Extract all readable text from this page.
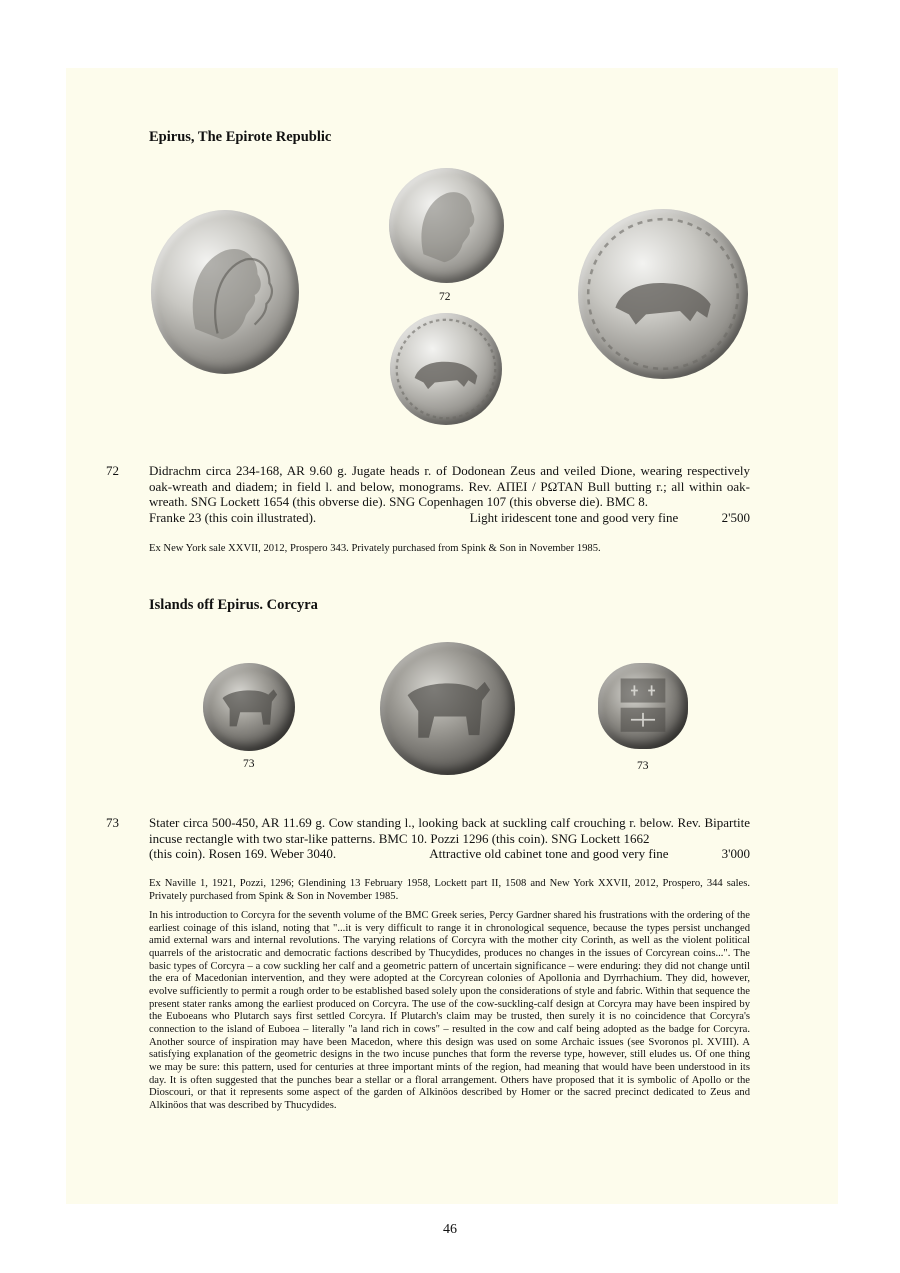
Epirus, The Epirote Republic
72
72 Didrachm circa 234-168, AR 9.60 g. Jugate heads r. of Dodonean Zeus and veiled Dione, wearing respectively oak-wreath and diadem; in field l. and below, monograms. Rev. ΑΠΕΙ / ΡΩΤΑΝ Bull butting r.; all within oak-wreath. SNG Lockett 1654 (this obverse die). SNG Copenhagen 107 (this obverse die). BMC 8.

Franke 23 (this coin illustrated).	Light iridescent tone and good very fine	2'500
Ex New York sale XXVII, 2012, Prospero 343. Privately purchased from Spink & Son in November 1985.
Islands off Epirus. Corcyra
73	73
73 Stater circa 500-450, AR 11.69 g. Cow standing l., looking back at suckling calf crouching r. below. Rev. Bipartite incuse rectangle with two star-like patterns. BMC 10. Pozzi 1296 (this coin). SNG Lockett 1662

(this coin). Rosen 169. Weber 3040.	Attractive old cabinet tone and good very fine	3'000
Ex Naville 1, 1921, Pozzi, 1296; Glendining 13 February 1958, Lockett part II, 1508 and New York XXVII, 2012, Prospero, 344 sales. Privately purchased from Spink & Son in November 1985.
In his introduction to Corcyra for the seventh volume of the BMC Greek series, Percy Gardner shared his frustrations with the ordering of the earliest coinage of this island, noting that "...it is very difficult to range it in chronological sequence, because the types persist unchanged amid external wars and internal revolutions. The varying relations of Corcyra with the mother city Corinth, as well as the violent political quarrels of the aristocratic and democratic factions described by Thucydides, produces no changes in the issues of Corcyrean coins...". The basic types of Corcyra – a cow suckling her calf and a geometric pattern of uncertain significance – were enduring: they did not change until the era of Macedonian intervention, and they were adopted at the Corcyrean colonies of Apollonia and Dyrrhachium. They did, however, evolve sufficiently to permit a rough order to be established based solely upon the considerations of style and fabric. Within that sequence the present stater ranks among the earliest produced on Corcyra. The use of the cow-suckling-calf design at Corcyra may have been inspired by the Euboeans who Plutarch says first settled Corcyra. If Plutarch's claim may be trusted, then surely it is no coincidence that Corcyra's connection to the island of Euboea – literally "a land rich in cows" – resulted in the cow and calf being adopted as the badge for Corcyra. Another source of inspiration may have been Macedon, where this design was used on some Archaic issues (see Svoronos pl. XVIII). A satisfying explanation of the geometric designs in the two incuse punches that form the reverse type, however, still eludes us. Of one thing we may be sure: this pattern, used for centuries at three important mints of the region, had meaning that would have been understood in its day. It is often suggested that the punches bear a stellar or a floral arrangement. Others have proposed that it is symbolic of Apollo or the Dioscouri, or that it represents some aspect of the garden of Alkinöos described by Homer or the sacred precinct dedicated to Zeus and Alkinöos that was described by Thucydides.
46
